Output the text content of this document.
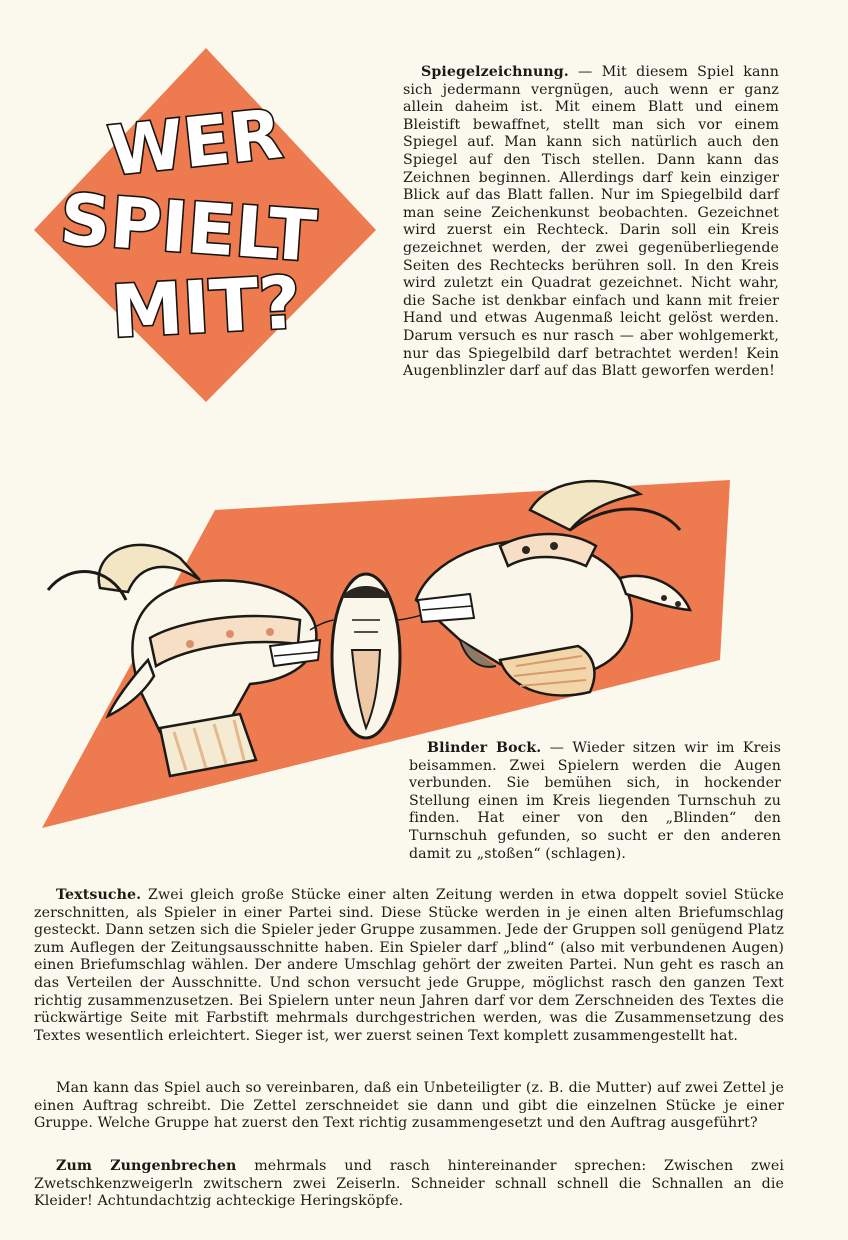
WER
SPIELT
MIT?

Spiegelzeichnung. — Mit diesem Spiel kann sich jedermann vergnügen, auch wenn er ganz allein daheim ist. Mit einem Blatt und einem Bleistift bewaffnet, stellt man sich vor einem Spiegel auf. Man kann sich natürlich auch den Spiegel auf den Tisch stellen. Dann kann das Zeichnen beginnen. Allerdings darf kein einziger Blick auf das Blatt fallen. Nur im Spiegelbild darf man seine Zeichenkunst beobachten. Gezeichnet wird zuerst ein Rechteck. Darin soll ein Kreis gezeichnet werden, der zwei gegenüberliegende Seiten des Rechtecks berühren soll. In den Kreis wird zuletzt ein Quadrat gezeichnet. Nicht wahr, die Sache ist denkbar einfach und kann mit freier Hand und etwas Augenmaß leicht gelöst werden. Darum versuch es nur rasch — aber wohlgemerkt, nur das Spiegelbild darf betrachtet werden! Kein Augenblinzler darf auf das Blatt geworfen werden!

Blinder Bock. — Wieder sitzen wir im Kreis beisammen. Zwei Spielern werden die Augen verbunden. Sie bemühen sich, in hockender Stellung einen im Kreis liegenden Turnschuh zu finden. Hat einer von den „Blinden“ den Turnschuh gefunden, so sucht er den anderen damit zu „stoßen“ (schlagen).

Textsuche. Zwei gleich große Stücke einer alten Zeitung werden in etwa doppelt soviel Stücke zerschnitten, als Spieler in einer Partei sind. Diese Stücke werden in je einen alten Briefumschlag gesteckt. Dann setzen sich die Spieler jeder Gruppe zusammen. Jede der Gruppen soll genügend Platz zum Auflegen der Zeitungsausschnitte haben. Ein Spieler darf „blind“ (also mit verbundenen Augen) einen Briefumschlag wählen. Der andere Umschlag gehört der zweiten Partei. Nun geht es rasch an das Verteilen der Ausschnitte. Und schon versucht jede Gruppe, möglichst rasch den ganzen Text richtig zusammenzusetzen. Bei Spielern unter neun Jahren darf vor dem Zerschneiden des Textes die rückwärtige Seite mit Farbstift mehrmals durchgestrichen werden, was die Zusammensetzung des Textes wesentlich erleichtert. Sieger ist, wer zuerst seinen Text komplett zusammengestellt hat.

Man kann das Spiel auch so vereinbaren, daß ein Unbeteiligter (z. B. die Mutter) auf zwei Zettel je einen Auftrag schreibt. Die Zettel zerschneidet sie dann und gibt die einzelnen Stücke je einer Gruppe. Welche Gruppe hat zuerst den Text richtig zusammengesetzt und den Auftrag ausgeführt?

Zum Zungenbrechen mehrmals und rasch hintereinander sprechen: Zwischen zwei Zwetschkenzweigerln zwitschern zwei Zeiserln. Schneider schnall schnell die Schnallen an die Kleider! Achtundachtzig achteckige Heringsköpfe.
